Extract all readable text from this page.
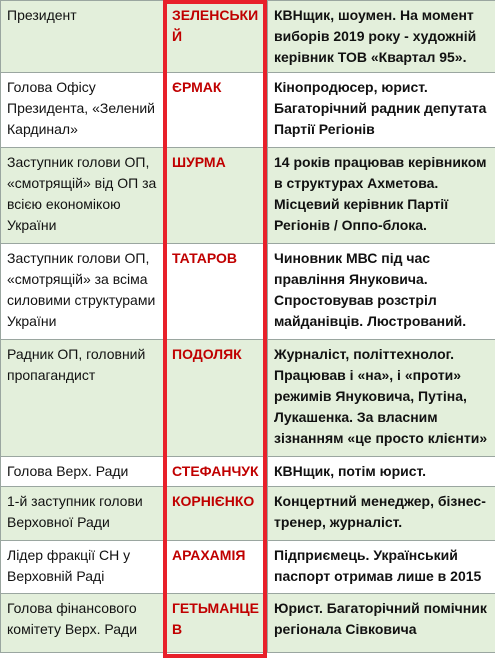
Президент	ЗЕЛЕНСЬКИЙ	КВНщик, шоумен. На момент виборів 2019 року - художній керівник ТОВ «Квартал 95».
Голова Офісу Президента, «Зелений Кардинал»	ЄРМАК	Кінопродюсер, юрист. Багаторічний радник депутата Партії Регіонів
Заступник голови ОП, «смотрящій» від ОП за всією економікою України	ШУРМА	14 років працював керівником в структурах Ахметова. Місцевий керівник Партії Регіонів / Оппо-блока.
Заступник голови ОП, «смотрящій» за всіма силовими структурами України	ТАТАРОВ	Чиновник МВС під час правління Януковича. Спростовував розстріл майданівців. Люстрований.
Радник ОП, головний пропагандист	ПОДОЛЯК	Журналіст, політтехнолог. Працював і «на», і «проти» режимів Януковича, Путіна, Лукашенка. За власним зізнанням «це просто клієнти»
Голова Верх. Ради	СТЕФАНЧУК	КВНщик, потім юрист.
1-й заступник голови Верховної Ради	КОРНІЄНКО	Концертний менеджер, бізнес-тренер, журналіст.
Лідер фракції СН у Верховній Раді	АРАХАМІЯ	Підприємець. Український паспорт отримав лише в 2015
Голова фінансового комітету Верх. Ради	ГЕТЬМАНЦЕВ	Юрист. Багаторічний помічник регіонала Сівковича
